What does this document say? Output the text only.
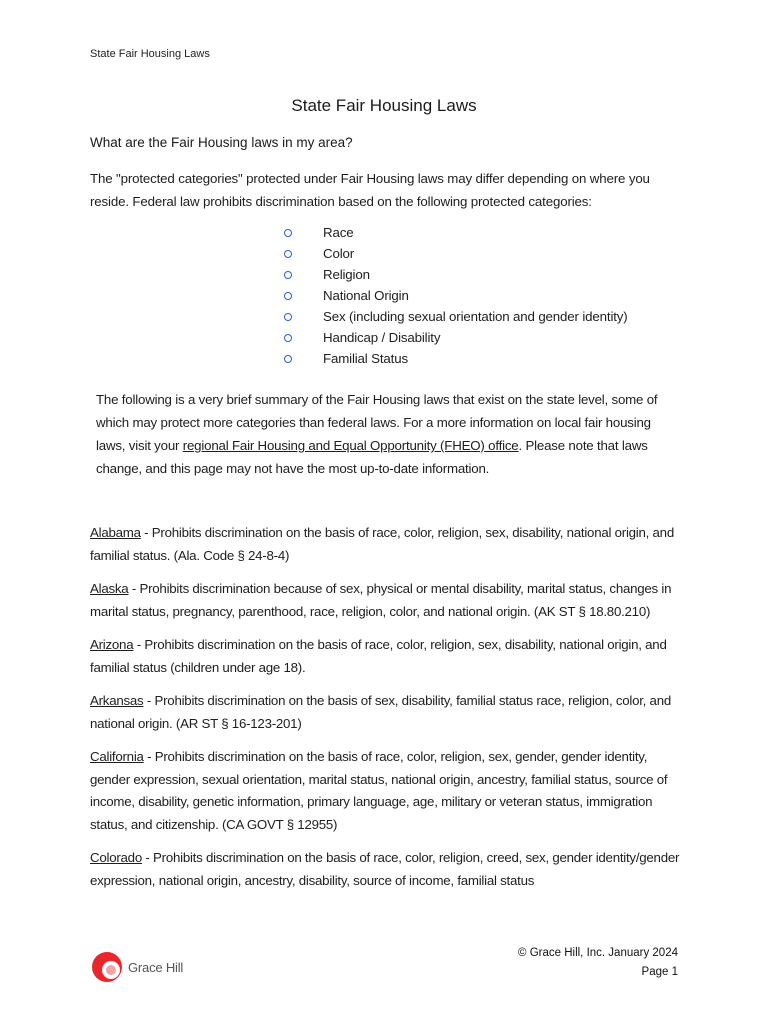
State Fair Housing Laws
State Fair Housing Laws
What are the Fair Housing laws in my area?
The "protected categories" protected under Fair Housing laws may differ depending on where you reside. Federal law prohibits discrimination based on the following protected categories:
Race
Color
Religion
National Origin
Sex (including sexual orientation and gender identity)
Handicap / Disability
Familial Status
The following is a very brief summary of the Fair Housing laws that exist on the state level, some of which may protect more categories than federal laws. For a more information on local fair housing laws, visit your regional Fair Housing and Equal Opportunity (FHEO) office. Please note that laws change, and this page may not have the most up-to-date information.

Alabama - Prohibits discrimination on the basis of race, color, religion, sex, disability, national origin, and familial status. (Ala. Code § 24-8-4)

Alaska - Prohibits discrimination because of sex, physical or mental disability, marital status, changes in marital status, pregnancy, parenthood, race, religion, color, and national origin. (AK ST § 18.80.210)

Arizona - Prohibits discrimination on the basis of race, color, religion, sex, disability, national origin, and familial status (children under age 18).

Arkansas - Prohibits discrimination on the basis of sex, disability, familial status race, religion, color, and national origin. (AR ST § 16-123-201)

California - Prohibits discrimination on the basis of race, color, religion, sex, gender, gender identity, gender expression, sexual orientation, marital status, national origin, ancestry, familial status, source of income, disability, genetic information, primary language, age, military or veteran status, immigration status, and citizenship. (CA GOVT § 12955)

Colorado - Prohibits discrimination on the basis of race, color, religion, creed, sex, gender identity/gender expression, national origin, ancestry, disability, source of income, familial status

Grace Hill
© Grace Hill, Inc. January 2024
Page 1
